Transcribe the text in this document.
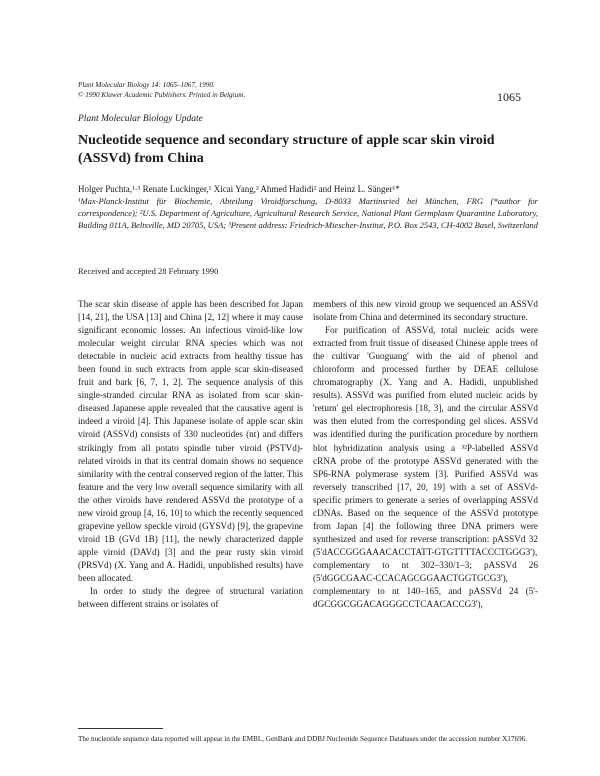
Plant Molecular Biology 14: 1065–1067, 1990.
© 1990 Kluwer Academic Publishers. Printed in Belgium.	1065
Plant Molecular Biology Update
Nucleotide sequence and secondary structure of apple scar skin viroid (ASSVd) from China
Holger Puchta,¹·³ Renate Luckinger,¹ Xicai Yang,² Ahmed Hadidi² and Heinz L. Sänger¹*
¹Max-Planck-Institut für Biochemie, Abteilung Viroidforschung, D-8033 Martinsried bei München, FRG (*author for correspondence); ²U.S. Department of Agriculture, Agricultural Research Service, National Plant Germplasm Quarantine Laboratory, Building 011A, Beltsville, MD 20705, USA; ³Present address: Friedrich-Miescher-Institut, P.O. Box 2543, CH-4002 Basel, Switzerland
Received and accepted 28 February 1990

The scar skin disease of apple has been described for Japan [14, 21], the USA [13] and China [2, 12] where it may cause significant economic losses. An infectious viroid-like low molecular weight circular RNA species which was not detectable in nucleic acid extracts from healthy tissue has been found in such extracts from apple scar skin-diseased fruit and bark [6, 7, 1, 2]. The sequence analysis of this single-stranded circular RNA as isolated from scar skin-diseased Japanese apple revealed that the causative agent is indeed a viroid [4]. This Japanese isolate of apple scar skin viroid (ASSVd) consists of 330 nucleotides (nt) and differs strikingly from all potato spindle tuber viroid (PSTVd)-related viroids in that its central domain shows no sequence similarity with the central conserved region of the latter. This feature and the very low overall sequence similarity with all the other viroids have rendered ASSVd the prototype of a new viroid group [4, 16, 10] to which the recently sequenced grapevine yellow speckle viroid (GYSVd) [9], the grapevine viroid 1B (GVd 1B) [11], the newly characterized dapple apple viroid (DAVd) [3] and the pear rusty skin viroid (PRSVd) (X. Yang and A. Hadidi, unpublished results) have been allocated.

In order to study the degree of structural variation between different strains or isolates of

members of this new viroid group we sequenced an ASSVd isolate from China and determined its secondary structure.

For purification of ASSVd, total nucleic acids were extracted from fruit tissue of diseased Chinese apple trees of the cultivar 'Guoguang' with the aid of phenol and chloroform and processed further by DEAE cellulose chromatography (X. Yang and A. Hadidi, unpublished results). ASSVd was purified from eluted nucleic acids by 'return' gel electrophoresis [18, 3], and the circular ASSVd was then eluted from the corresponding gel slices. ASSVd was identified during the purification procedure by northern blot hybridization analysis using a ³²P-labelled ASSVd cRNA probe of the prototype ASSVd generated with the SP6-RNA polymerase system [3]. Purified ASSVd was reversely transcribed [17, 20, 19] with a set of ASSVd-specific primers to generate a series of overlapping ASSVd cDNAs. Based on the sequence of the ASSVd prototype from Japan [4] the following three DNA primers were synthesized and used for reverse transcription: pASSVd 32 (5'dACCGGGAAACACCTATT-GTGTTTTACCCTGGG3'), complementary to nt 302–330/1–3; pASSVd 26 (5'dGGCGAAC-CCACAGCGGAACTGGTGCG3'), complementary to nt 140–165, and pASSVd 24 (5'-dGCGGCGGACAGGGCCTCAACACCG3'),

The nucleotide sequence data reported will appear in the EMBL, GenBank and DDBJ Nucleotide Sequence Databases under the accession number X17696.
